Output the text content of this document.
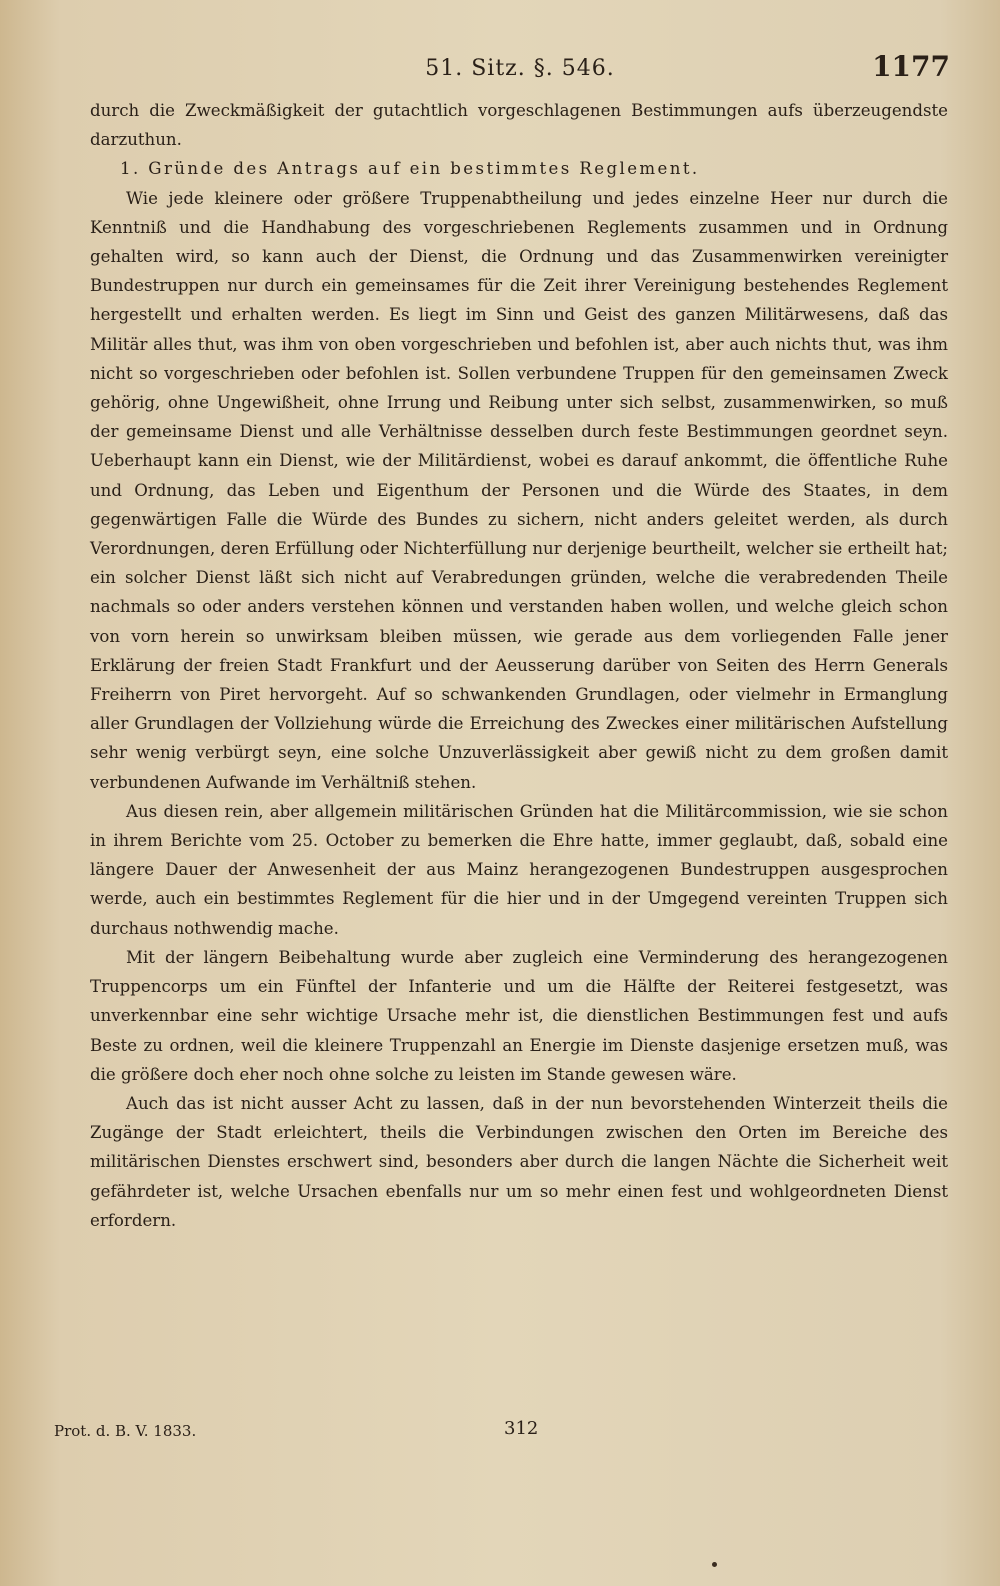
51. Sitz. §. 546.	1177

durch die Zweckmäßigkeit der gutachtlich vorgeschlagenen Bestimmungen aufs überzeugendste darzuthun.

1. Gründe des Antrags auf ein bestimmtes Reglement.

Wie jede kleinere oder größere Truppenabtheilung und jedes einzelne Heer nur durch die Kenntniß und die Handhabung des vorgeschriebenen Reglements zusammen und in Ordnung gehalten wird, so kann auch der Dienst, die Ordnung und das Zusammenwirken vereinigter Bundestruppen nur durch ein gemeinsames für die Zeit ihrer Vereinigung bestehendes Reglement hergestellt und erhalten werden. Es liegt im Sinn und Geist des ganzen Militärwesens, daß das Militär alles thut, was ihm von oben vorgeschrieben und befohlen ist, aber auch nichts thut, was ihm nicht so vorgeschrieben oder befohlen ist. Sollen verbundene Truppen für den gemeinsamen Zweck gehörig, ohne Ungewißheit, ohne Irrung und Reibung unter sich selbst, zusammenwirken, so muß der gemeinsame Dienst und alle Verhältnisse desselben durch feste Bestimmungen geordnet seyn. Ueberhaupt kann ein Dienst, wie der Militärdienst, wobei es darauf ankommt, die öffentliche Ruhe und Ordnung, das Leben und Eigenthum der Personen und die Würde des Staates, in dem gegenwärtigen Falle die Würde des Bundes zu sichern, nicht anders geleitet werden, als durch Verordnungen, deren Erfüllung oder Nichterfüllung nur derjenige beurtheilt, welcher sie ertheilt hat; ein solcher Dienst läßt sich nicht auf Verabredungen gründen, welche die verabredenden Theile nachmals so oder anders verstehen können und verstanden haben wollen, und welche gleich schon von vorn herein so unwirksam bleiben müssen, wie gerade aus dem vorliegenden Falle jener Erklärung der freien Stadt Frankfurt und der Aeusserung darüber von Seiten des Herrn Generals Freiherrn von Piret hervorgeht. Auf so schwankenden Grundlagen, oder vielmehr in Ermanglung aller Grundlagen der Vollziehung würde die Erreichung des Zweckes einer militärischen Aufstellung sehr wenig verbürgt seyn, eine solche Unzuverlässigkeit aber gewiß nicht zu dem großen damit verbundenen Aufwande im Verhältniß stehen.

Aus diesen rein, aber allgemein militärischen Gründen hat die Militärcommission, wie sie schon in ihrem Berichte vom 25. October zu bemerken die Ehre hatte, immer geglaubt, daß, sobald eine längere Dauer der Anwesenheit der aus Mainz herangezogenen Bundestruppen ausgesprochen werde, auch ein bestimmtes Reglement für die hier und in der Umgegend vereinten Truppen sich durchaus nothwendig mache.

Mit der längern Beibehaltung wurde aber zugleich eine Verminderung des herangezogenen Truppencorps um ein Fünftel der Infanterie und um die Hälfte der Reiterei festgesetzt, was unverkennbar eine sehr wichtige Ursache mehr ist, die dienstlichen Bestimmungen fest und aufs Beste zu ordnen, weil die kleinere Truppenzahl an Energie im Dienste dasjenige ersetzen muß, was die größere doch eher noch ohne solche zu leisten im Stande gewesen wäre.

Auch das ist nicht ausser Acht zu lassen, daß in der nun bevorstehenden Winterzeit theils die Zugänge der Stadt erleichtert, theils die Verbindungen zwischen den Orten im Bereiche des militärischen Dienstes erschwert sind, besonders aber durch die langen Nächte die Sicherheit weit gefährdeter ist, welche Ursachen ebenfalls nur um so mehr einen fest und wohlgeordneten Dienst erfordern.

Prot. d. B. V. 1833.	312
